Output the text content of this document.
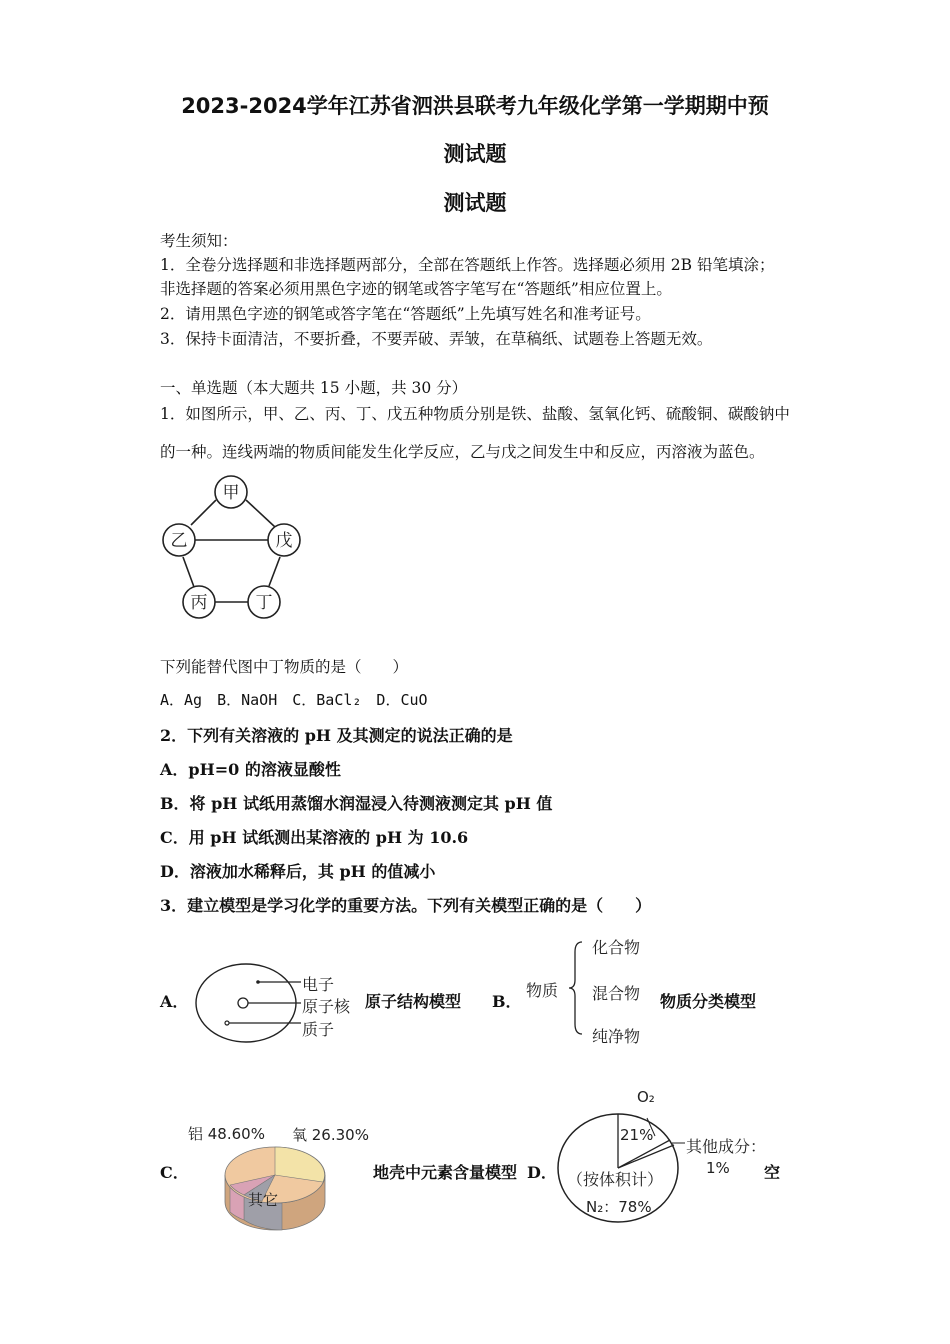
2023-2024学年江苏省泗洪县联考九年级化学第一学期期中预
测试题
测试题
考生须知：
1．全卷分选择题和非选择题两部分，全部在答题纸上作答。选择题必须用 2B 铅笔填涂；
非选择题的答案必须用黑色字迹的钢笔或答字笔写在“答题纸”相应位置上。
2．请用黑色字迹的钢笔或答字笔在“答题纸”上先填写姓名和准考证号。
3．保持卡面清洁，不要折叠，不要弄破、弄皱，在草稿纸、试题卷上答题无效。
一、单选题（本大题共 15 小题，共 30 分）
1．如图所示，甲、乙、丙、丁、戊五种物质分别是铁、盐酸、氢氧化钙、硫酸铜、碳酸钠中
的一种。连线两端的物质间能发生化学反应，乙与戊之间发生中和反应，丙溶液为蓝色。
甲
乙	戊
丙	丁
下列能替代图中丁物质的是（　　）
A．Ag　B．NaOH　C．BaCl₂　D．CuO
2．下列有关溶液的 pH 及其测定的说法正确的是
A．pH=0 的溶液显酸性
B．将 pH 试纸用蒸馏水润湿浸入待测液测定其 pH 值
C．用 pH 试纸测出某溶液的 pH 为 10.6
D．溶液加水稀释后，其 pH 的值减小
3．建立模型是学习化学的重要方法。下列有关模型正确的是（　　）
A．
电子
原子核
质子
原子结构模型 B．
物质
化合物
混合物
纯净物
物质分类模型
C．
铝 48.60% 氧 26.30%
其它
地壳中元素含量模型 D．
O₂
21%
其他成分：
1%
（按体积计）
N₂：78%
空
